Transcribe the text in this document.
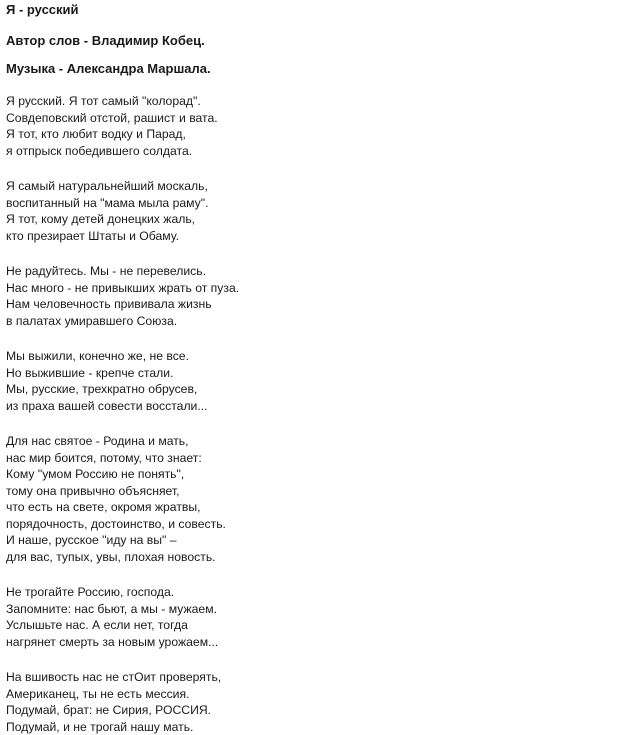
Я - русский

Автор слов - Владимир Кобец.

Музыка - Александра Маршала.

Я русский. Я тот самый "колорад".
Совдеповский отстой, рашист и вата.
Я тот, кто любит водку и Парад,
я отпрыск победившего солдата.
Я самый натуральнейший москаль,
воспитанный на "мама мыла раму".
Я тот, кому детей донецких жаль,
кто презирает Штаты и Обаму.
Не радуйтесь. Мы - не перевелись.
Нас много - не привыкших жрать от пуза.
Нам человечность прививала жизнь
в палатах умиравшего Союза.
Мы выжили, конечно же, не все.
Но выжившие - крепче стали.
Мы, русские, трехкратно обрусев,
из праха вашей совести восстали...
Для нас святое - Родина и мать,
нас мир боится, потому, что знает:
Кому "умом Россию не понять",
тому она привычно объясняет,
что есть на свете, окромя жратвы,
порядочность, достоинство, и совесть.
И наше, русское "иду на вы" –
для вас, тупых, увы, плохая новость.
Не трогайте Россию, господа.
Запомните: нас бьют, а мы - мужаем.
Услышьте нас. А если нет, тогда
нагрянет смерть за новым урожаем...
На вшивость нас не стОит проверять,
Американец, ты не есть мессия.
Подумай, брат: не Сирия, РОССИЯ.
Подумай, и не трогай нашу мать.
